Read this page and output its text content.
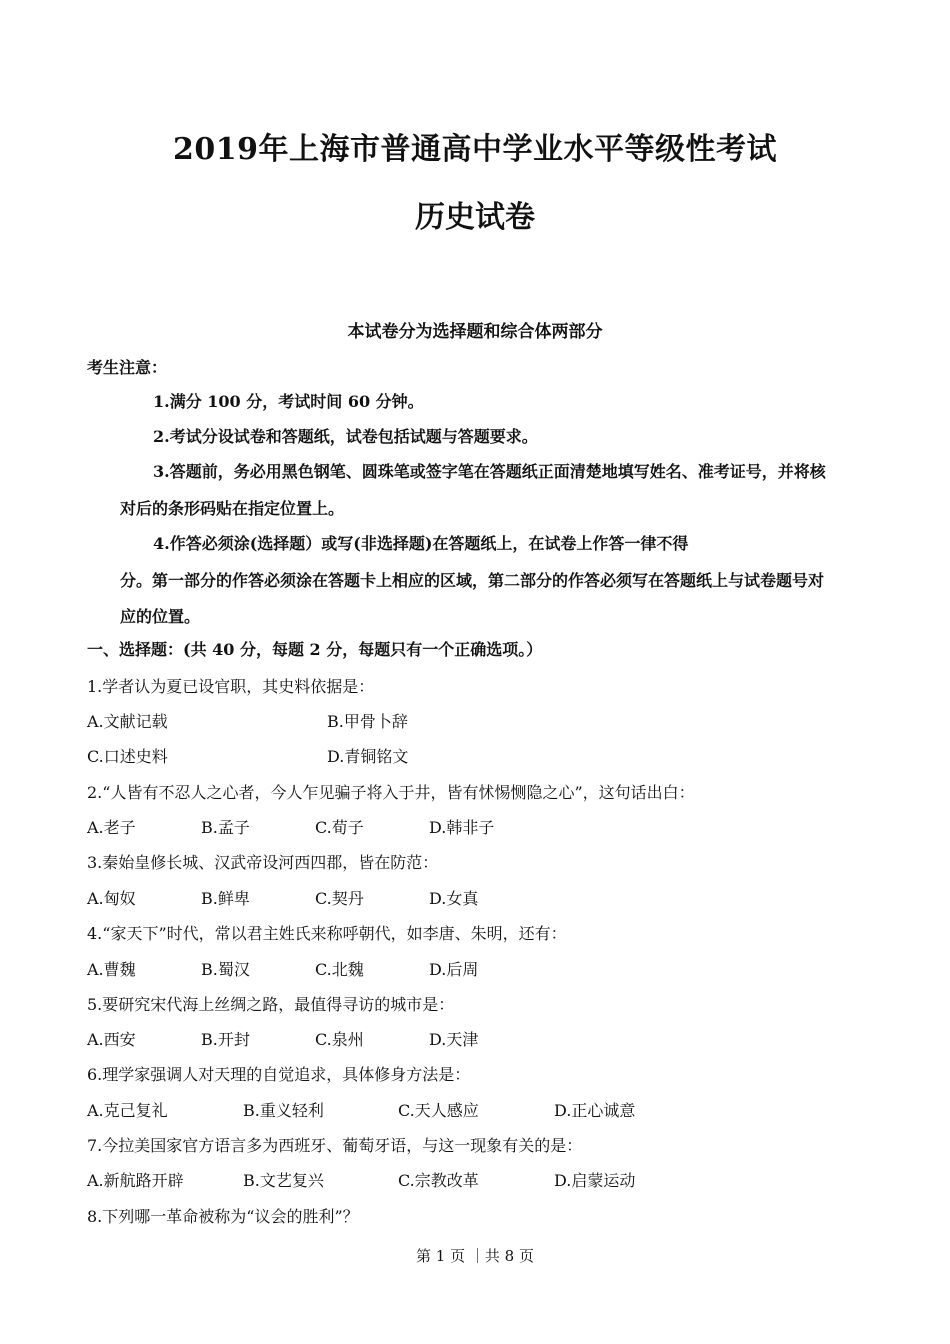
2019年上海市普通高中学业水平等级性考试
历史试卷
本试卷分为选择题和综合体两部分
考生注意：
1.满分 100 分，考试时间 60 分钟。
2.考试分设试卷和答题纸，试卷包括试题与答题要求。
3.答题前，务必用黑色钢笔、圆珠笔或签字笔在答题纸正面清楚地填写姓名、准考证号，并将核
对后的条形码贴在指定位置上。
4.作答必须涂(选择题）或写(非选择题)在答题纸上，在试卷上作答一律不得
分。第一部分的作答必须涂在答题卡上相应的区域，第二部分的作答必须写在答题纸上与试卷题号对
应的位置。
一、选择题：(共 40 分，每题 2 分，每题只有一个正确选项。）
1.学者认为夏已设官职，其史料依据是：
A.文献记载	B.甲骨卜辞
C.口述史料	D.青铜铭文
2.“人皆有不忍人之心者，今人乍见骗子将入于井，皆有怵惕恻隐之心”，这句话出白：
A.老子	B.孟子	C.荀子	D.韩非子
3.秦始皇修长城、汉武帝设河西四郡，皆在防范：
A.匈奴	B.鲜卑	C.契丹	D.女真
4.“家天下”时代，常以君主姓氏来称呼朝代，如李唐、朱明，还有：
A.曹魏	B.蜀汉	C.北魏	D.后周
5.要研究宋代海上丝绸之路，最值得寻访的城市是：
A.西安	B.开封	C.泉州	D.天津
6.理学家强调人对天理的自觉追求，具体修身方法是：
A.克己复礼	B.重义轻利	C.天人感应	D.正心诚意
7.今拉美国家官方语言多为西班牙、葡萄牙语，与这一现象有关的是：
A.新航路开辟	B.文艺复兴	C.宗教改革	D.启蒙运动
8.下列哪一革命被称为“议会的胜利”？
第 1 页 ｜共 8 页
